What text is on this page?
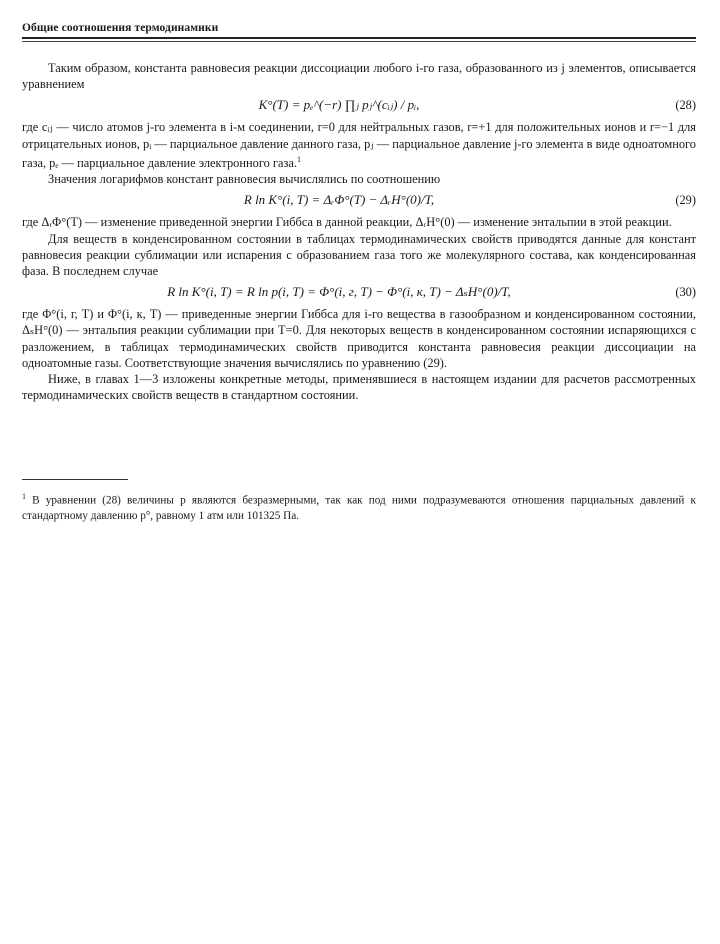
Общие соотношения термодинамики

Таким образом, константа равновесия реакции диссоциации любого i-го газа, образованного из j элементов, описывается уравнением

K°(T) = pₑ^(−r) ∏ⱼ pⱼ^(cᵢⱼ) / pᵢ,	(28)

где cᵢⱼ — число атомов j-го элемента в i-м соединении, r=0 для нейтральных газов, r=+1 для положительных ионов и r=−1 для отрицательных ионов, pᵢ — парциальное давление данного газа, pⱼ — парциальное давление j-го элемента в виде одноатомного газа, pₑ — парциальное давление электронного газа.$^1$

Значения логарифмов констант равновесия вычислялись по соотношению

R ln K°(i, T) = ΔᵣΦ°(T) − ΔᵣH°(0)/T,	(29)

где ΔᵣΦ°(T) — изменение приведенной энергии Гиббса в данной реакции, ΔᵣH°(0) — изменение энтальпии в этой реакции.

Для веществ в конденсированном состоянии в таблицах термодинамических свойств приводятся данные для констант равновесия реакции сублимации или испарения с образованием газа того же молекулярного состава, как конденсированная фаза. В последнем случае

R ln K°(i, T) = R ln p(i, T) = Φ°(i, г, T) − Φ°(i, к, T) − ΔₛH°(0)/T,	(30)

где Φ°(i, г, T) и Φ°(i, к, T) — приведенные энергии Гиббса для i-го вещества в газообразном и конденсированном состоянии, ΔₛH°(0) — энтальпия реакции сублимации при T=0. Для некоторых веществ в конденсированном состоянии испаряющихся с разложением, в таблицах термодинамических свойств приводится константа равновесия реакции диссоциации на одноатомные газы. Соответствующие значения вычислялись по уравнению (29).

Ниже, в главах 1—3 изложены конкретные методы, применявшиеся в настоящем издании для расчетов рассмотренных термодинамических свойств веществ в стандартном состоянии.

$^1$ В уравнении (28) величины p являются безразмерными, так как под ними подразумеваются отношения парциальных давлений к стандартному давлению p°, равному 1 атм или 101325 Па.
